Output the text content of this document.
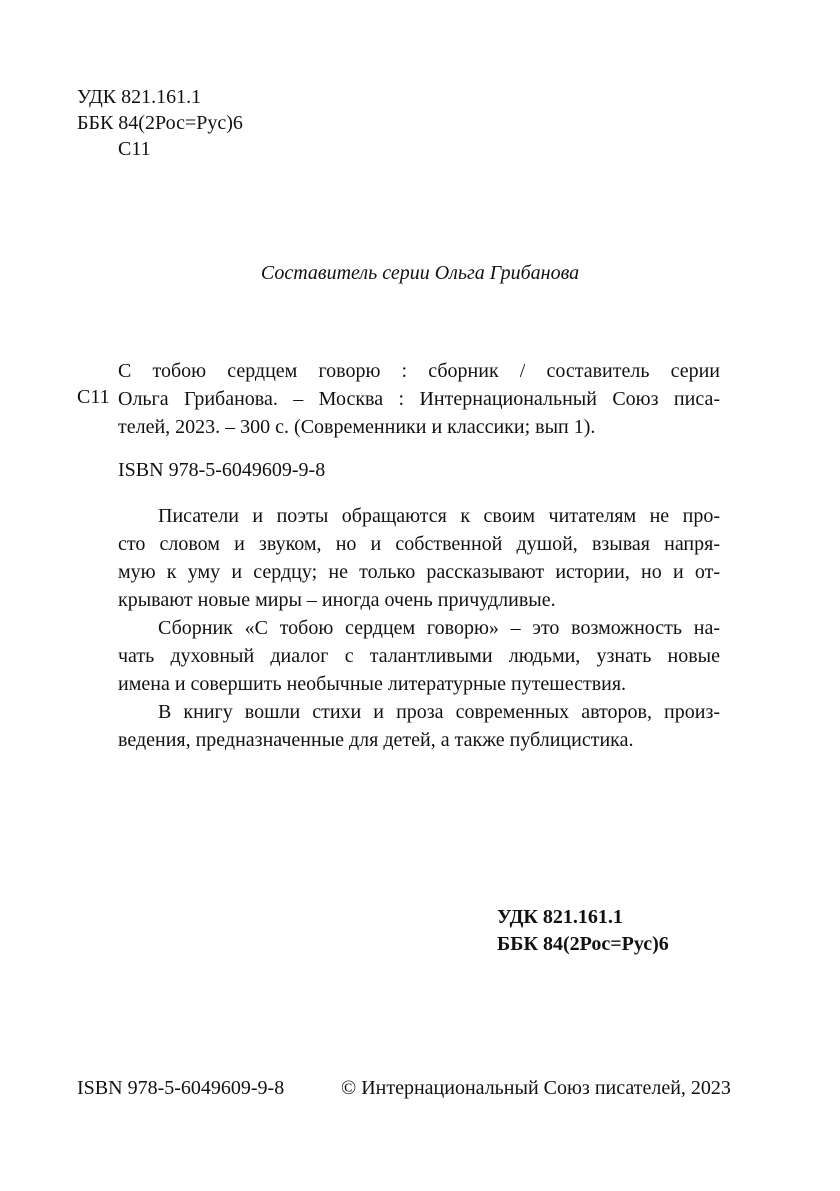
УДК 821.161.1
ББК 84(2Рос=Рус)6
С11
Составитель серии Ольга Грибанова
С11
С тобою сердцем говорю : сборник / составитель серии
Ольга Грибанова. – Москва : Интернациональный Союз писа-
телей, 2023. – 300 с. (Современники и классики; вып 1).
ISBN 978-5-6049609-9-8
Писатели и поэты обращаются к своим читателям не про-
сто словом и звуком, но и собственной душой, взывая напря-
мую к уму и сердцу; не только рассказывают истории, но и от-
крывают новые миры – иногда очень причудливые.
Сборник «С тобою сердцем говорю» – это возможность на-
чать духовный диалог с талантливыми людьми, узнать новые
имена и совершить необычные литературные путешествия.
В книгу вошли стихи и проза современных авторов, произ-
ведения, предназначенные для детей, а также публицистика.
УДК 821.161.1
ББК 84(2Рос=Рус)6
ISBN 978-5-6049609-9-8	© Интернациональный Союз писателей, 2023
